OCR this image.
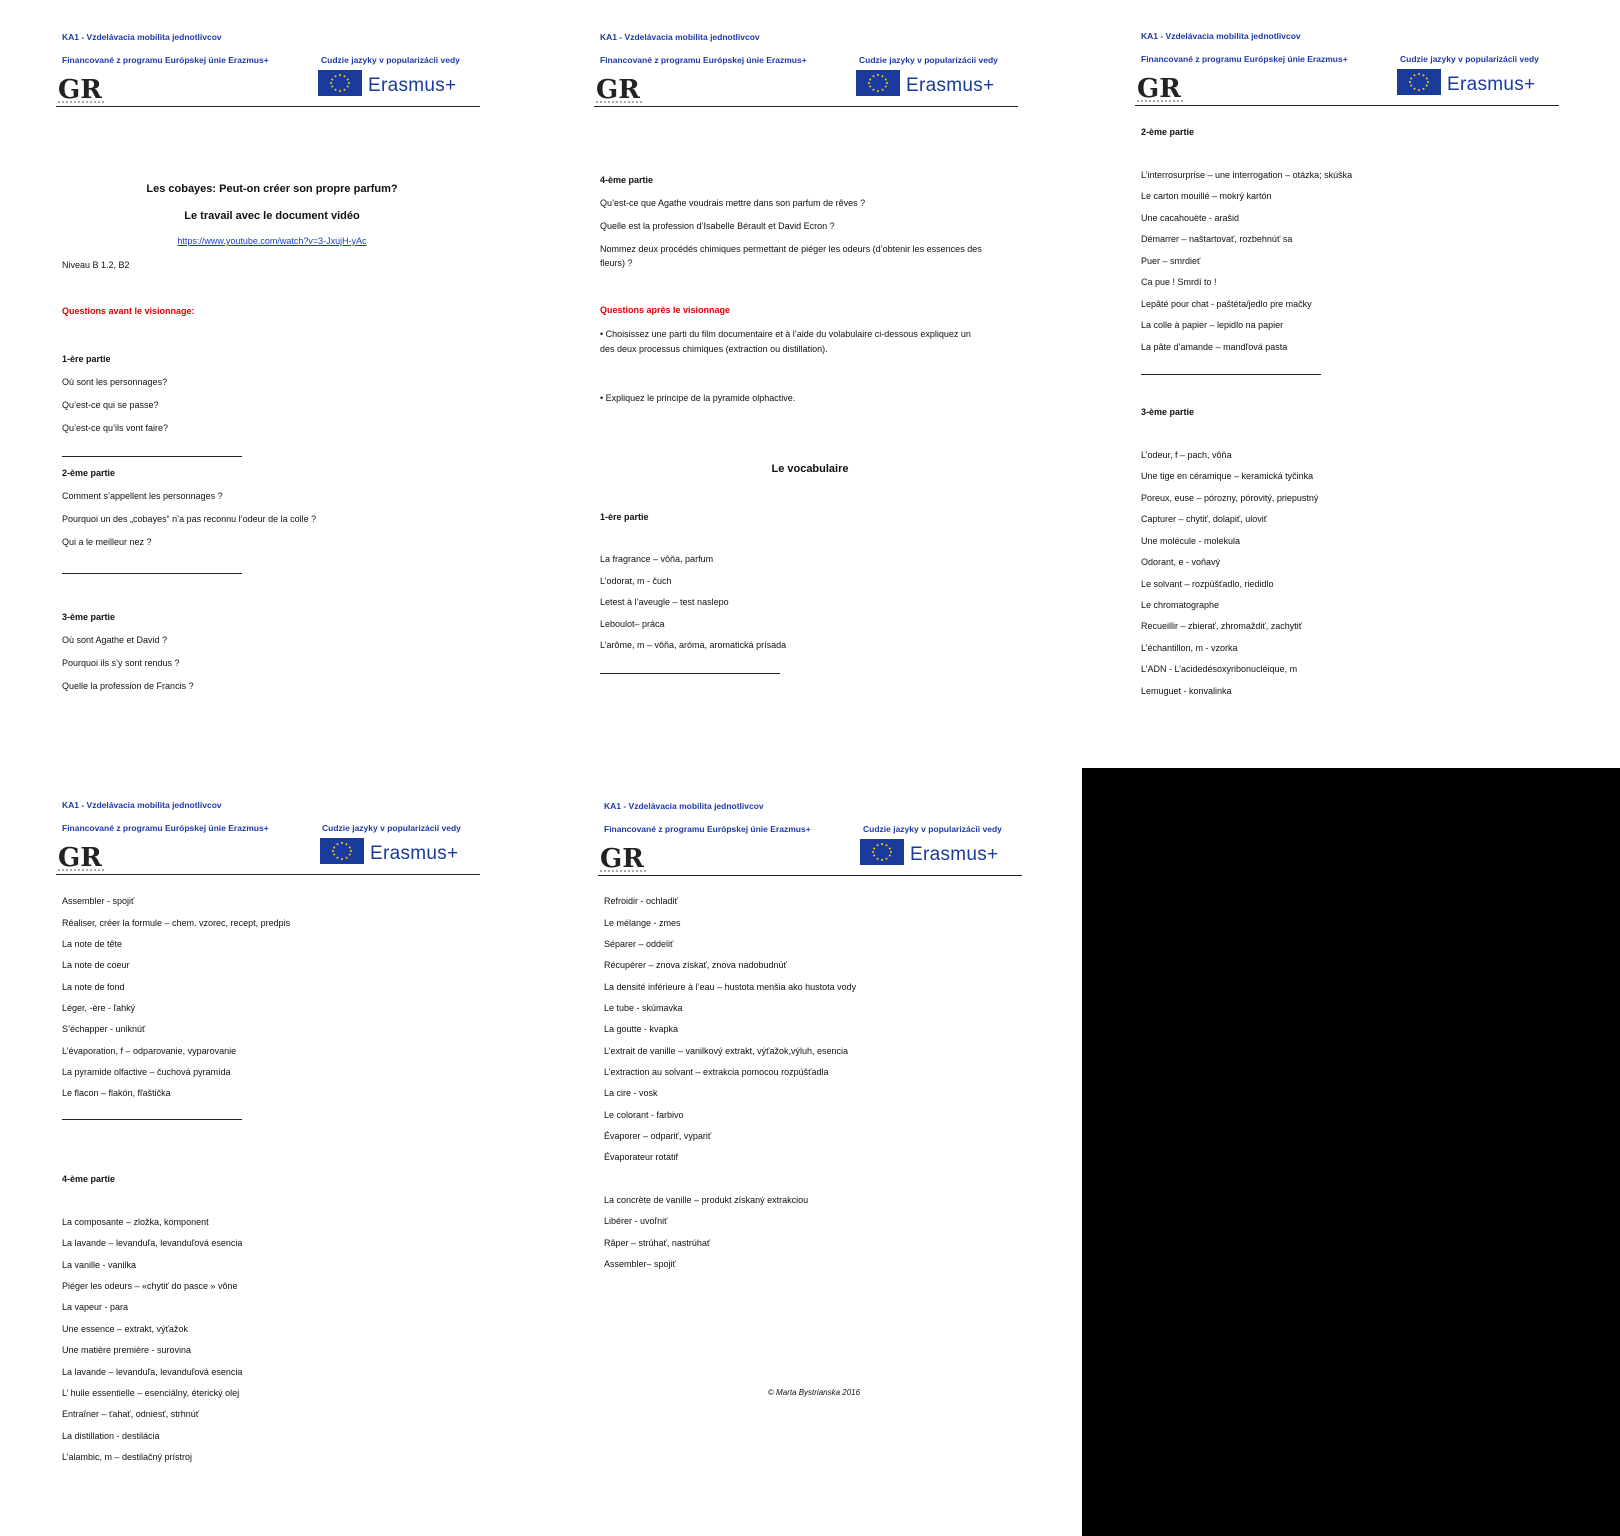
KA1 - Vzdelávacia mobilita jednotlivcov
Financované z programu Európskej únie Erazmus+	Cudzie jazyky v popularizácii vedy
GR	Erasmus+
Les cobayes: Peut-on créer son propre parfum?
Le travail avec le document vidéo
https://www.youtube.com/watch?v=3-JxujH-yAc
Niveau B 1.2, B2
Questions avant le visionnage:
1-ère partie
Où sont les personnages?
Qu’est-ce qui se passe?
Qu’est-ce qu’ils vont faire?
2-ème partie
Comment s’appellent les personnages ?
Pourquoi un des „cobayes“ n’a pas reconnu l’odeur de la colle ?
Qui a le meilleur nez ?
3-ème partie
Où sont Agathe et David ?
Pourquoi ils s’y sont rendus ?
Quelle la profession de Francis ?
KA1 - Vzdelávacia mobilita jednotlivcov
Financované z programu Európskej únie Erazmus+	Cudzie jazyky v popularizácii vedy
GR	Erasmus+
4-ème partie
Qu’est-ce que Agathe voudrais mettre dans son parfum de rêves ?
Quelle est la profession d’Isabelle Bérault et David Ecron ?
Nommez deux procédés chimiques permettant de piéger les odeurs (d’obtenir les essences des
fleurs) ?
Questions après le visionnage
• Choisissez une parti du film documentaire et à l’aide du volabulaire ci-dessous expliquez un
des deux processus chimiques (extraction ou distillation).
• Expliquez le principe de la pyramide olphactive.
Le vocabulaire
1-ère partie
La fragrance – vôňa, parfum
L’odorat, m - čuch
Letest à l’aveugle – test naslepo
Leboulot– práca
L’arôme, m – vôňa, aróma, aromatická prísada
KA1 - Vzdelávacia mobilita jednotlivcov
Financované z programu Európskej únie Erazmus+	Cudzie jazyky v popularizácii vedy
GR	Erasmus+
2-ème partie
L’interrosurprise – une interrogation – otázka; skúška
Le carton mouillé – mokrý kartón
Une cacahouète - arašid
Démarrer – naštartovať, rozbehnúť sa
Puer – smrdieť
Ca pue ! Smrdí to !
Lepâté pour chat - paštéta/jedlo pre mačky
La colle à papier – lepidlo na papier
La pâte d’amande – mandľová pasta
3-ème partie
L’odeur, f – pach, vôňa
Une tige en céramique – keramická tyčinka
Poreux, euse – pórozny, pórovitý, priepustný
Capturer – chytiť, dolapiť, uloviť
Une molécule - molekula
Odorant, e - voňavý
Le solvant – rozpúšťadlo, riedidlo
Le chromatographe
Recueillir – zbierať, zhromaždiť, zachytiť
L’échantillon, m - vzorka
L’ADN - L’acidedésoxyribonucléique, m
Lemuguet - konvalinka
KA1 - Vzdelávacia mobilita jednotlivcov
Financované z programu Európskej únie Erazmus+	Cudzie jazyky v popularizácii vedy
GR	Erasmus+
Assembler - spojiť
Réaliser, créer la formule – chem. vzorec, recept, predpis
La note de tête
La note de coeur
La note de fond
Léger, -ère - ľahký
S’échapper - uniknúť
L’évaporation, f – odparovanie, vyparovanie
La pyramide olfactive – čuchová pyramída
Le flacon – flakón, fľaštička
4-ème partie
La composante – zložka, komponent
La lavande – levanduľa, levanduľová esencia
La vanille - vanilka
Piéger les odeurs – «chytiť do pasce » vône
La vapeur - para
Une essence – extrakt, výťažok
Une matière première - surovina
La lavande – levanduľa, levanduľová esencia
L’ huile essentielle – esenciálny, éterický olej
Entraîner – ťahať, odniesť, strhnúť
La distillation - destilácia
L’alambic, m – destilačný prístroj
KA1 - Vzdelávacia mobilita jednotlivcov
Financované z programu Európskej únie Erazmus+	Cudzie jazyky v popularizácii vedy
GR	Erasmus+
Refroidir - ochladiť
Le mélange - zmes
Séparer – oddeliť
Récupérer – znova získať, znova nadobudnúť
La densité inférieure à l’eau – hustota menšia ako hustota vody
Le tube - skúmavka
La goutte - kvapka
L’extrait de vanille – vanilkový extrakt, výťažok,výluh, esencia
L’extraction au solvant – extrakcia pomocou rozpúšťadla
La cire - vosk
Le colorant - farbivo
Évaporer – odpariť, vypariť
Évaporateur rotatif
La concrète de vanille – produkt získaný extrakciou
Libérer - uvoľniť
Râper – strúhať, nastrúhať
Assembler– spojiť
© Marta Bystrianska 2016
